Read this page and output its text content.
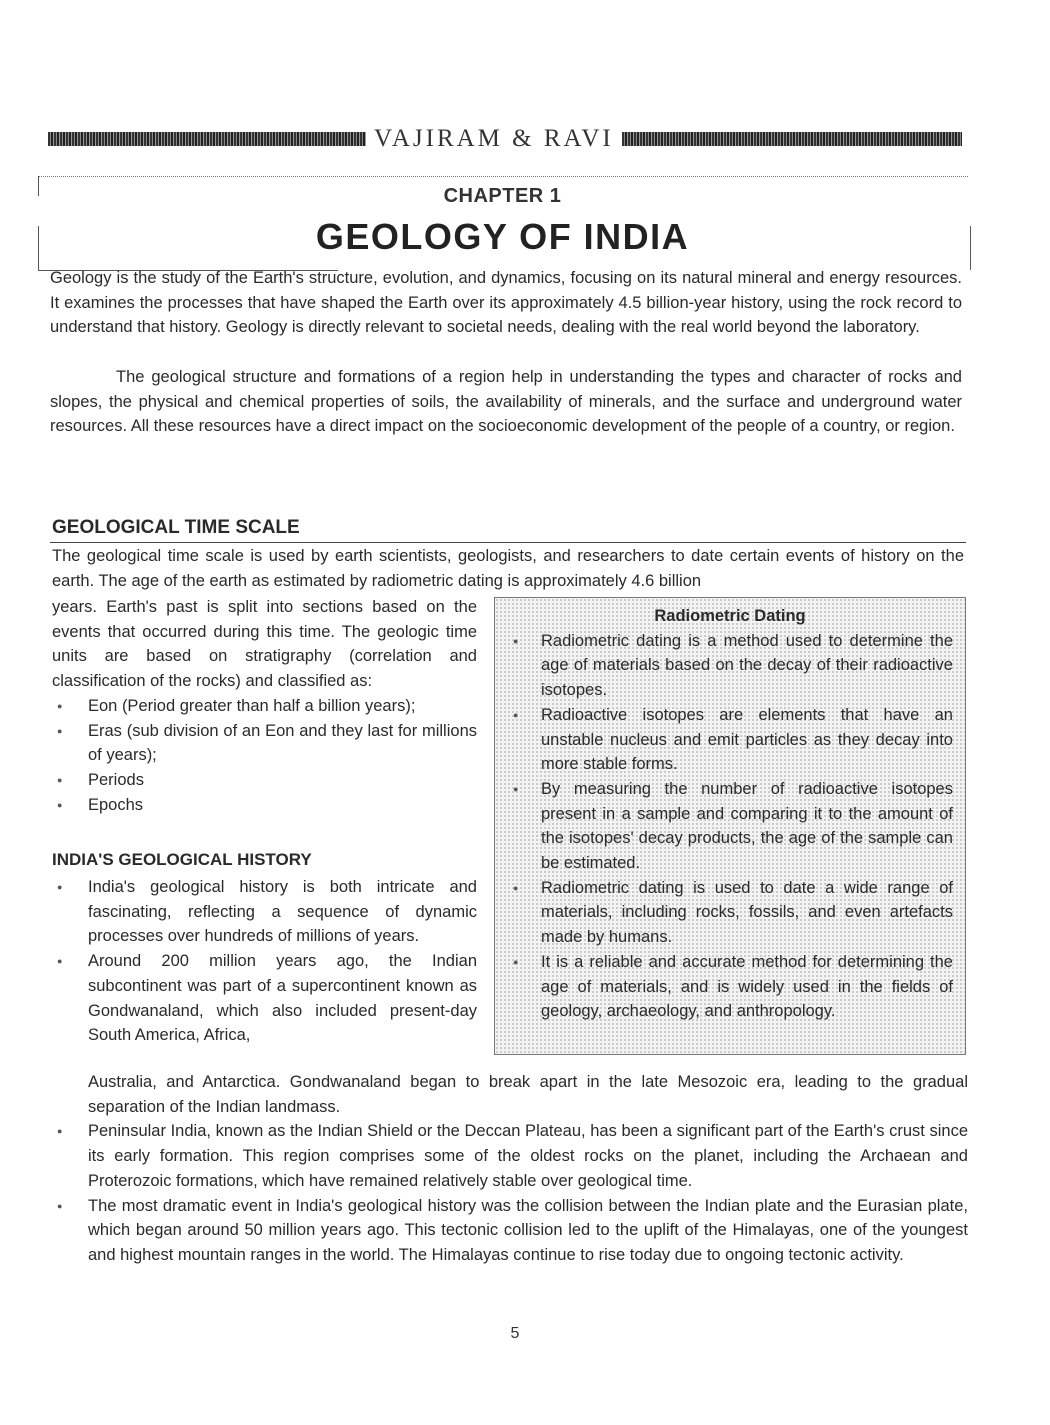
VAJIRAM & RAVI
CHAPTER 1
GEOLOGY OF INDIA
Geology is the study of the Earth's structure, evolution, and dynamics, focusing on its natural mineral and energy resources. It examines the processes that have shaped the Earth over its approximately 4.5 billion-year history, using the rock record to understand that history. Geology is directly relevant to societal needs, dealing with the real world beyond the laboratory.
The geological structure and formations of a region help in understanding the types and character of rocks and slopes, the physical and chemical properties of soils, the availability of minerals, and the surface and underground water resources. All these resources have a direct impact on the socioeconomic development of the people of a country, or region.
GEOLOGICAL TIME SCALE
The geological time scale is used by earth scientists, geologists, and researchers to date certain events of history on the earth. The age of the earth as estimated by radiometric dating is approximately 4.6 billion

years. Earth's past is split into sections based on the events that occurred during this time. The geologic time units are based on stratigraphy (correlation and classification of the rocks) and classified as:

● Eon (Period greater than half a billion years);
● Eras (sub division of an Eon and they last for millions of years);
● Periods
● Epochs
INDIA'S GEOLOGICAL HISTORY
● India's geological history is both intricate and fascinating, reflecting a sequence of dynamic processes over hundreds of millions of years.
● Around 200 million years ago, the Indian subcontinent was part of a supercontinent known as Gondwanaland, which also included present-day South America, Africa,
Radiometric Dating
● Radiometric dating is a method used to determine the age of materials based on the decay of their radioactive isotopes.
● Radioactive isotopes are elements that have an unstable nucleus and emit particles as they decay into more stable forms.
● By measuring the number of radioactive isotopes present in a sample and comparing it to the amount of the isotopes' decay products, the age of the sample can be estimated.
● Radiometric dating is used to date a wide range of materials, including rocks, fossils, and even artefacts made by humans.
● It is a reliable and accurate method for determining the age of materials, and is widely used in the fields of geology, archaeology, and anthropology.
Australia, and Antarctica. Gondwanaland began to break apart in the late Mesozoic era, leading to the gradual separation of the Indian landmass.
● Peninsular India, known as the Indian Shield or the Deccan Plateau, has been a significant part of the Earth's crust since its early formation. This region comprises some of the oldest rocks on the planet, including the Archaean and Proterozoic formations, which have remained relatively stable over geological time.
● The most dramatic event in India's geological history was the collision between the Indian plate and the Eurasian plate, which began around 50 million years ago. This tectonic collision led to the uplift of the Himalayas, one of the youngest and highest mountain ranges in the world. The Himalayas continue to rise today due to ongoing tectonic activity.
5
